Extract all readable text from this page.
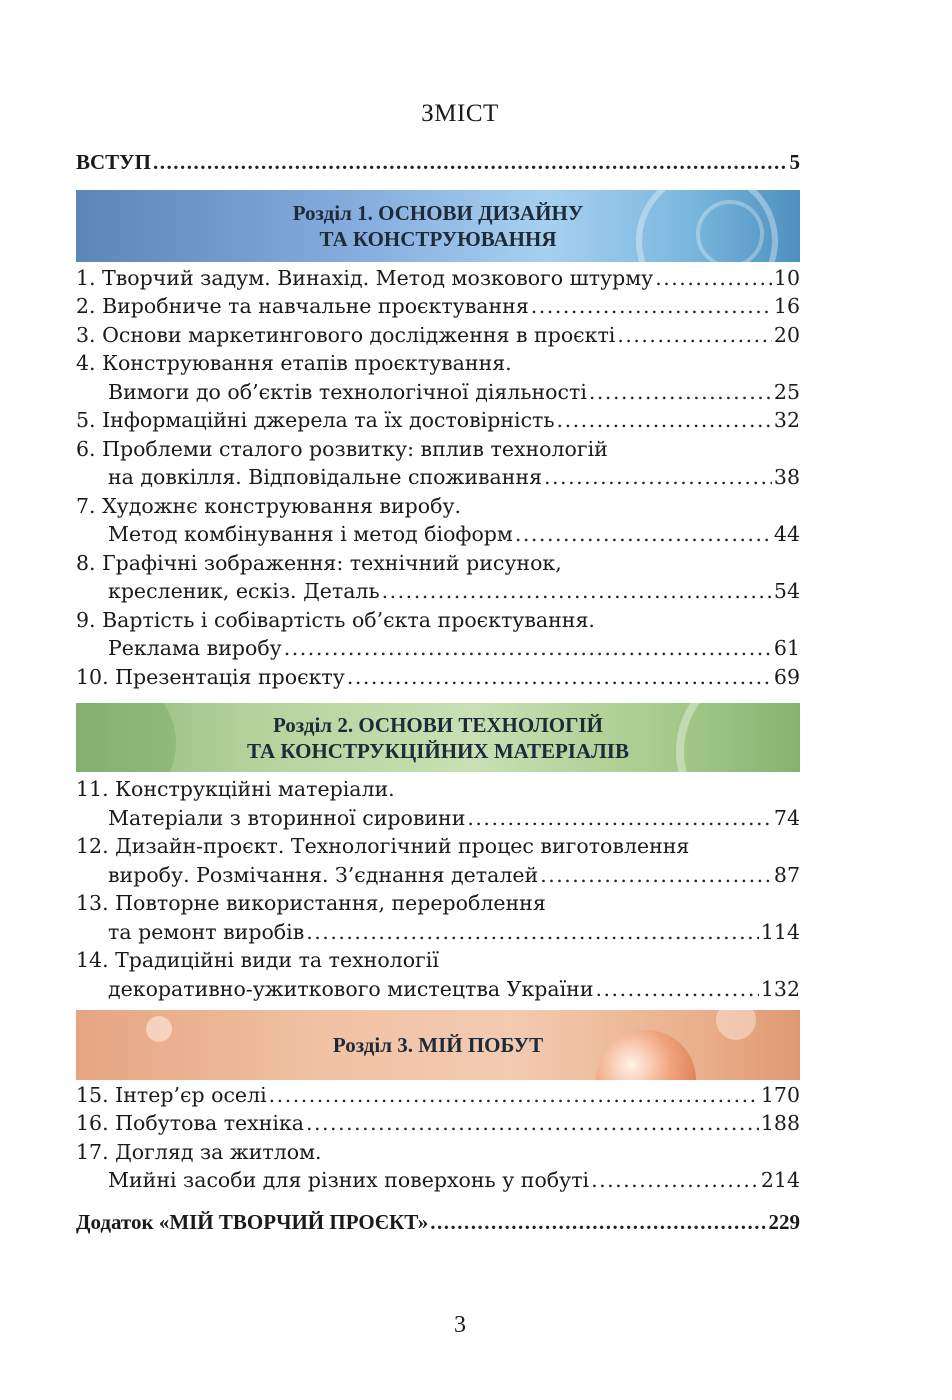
ЗМІСТ
ВСТУП .....	5
Розділ 1. ОСНОВИ ДИЗАЙНУ
ТА КОНСТРУЮВАННЯ
1. Творчий задум. Винахід. Метод мозкового штурму .....	10
2. Виробниче та навчальне проєктування .....	16
3. Основи маркетингового дослідження в проєкті .....	20
4. Конструювання етапів проєктування.
Вимоги до об’єктів технологічної діяльності .....	25
5. Інформаційні джерела та їх достовірність .....	32
6. Проблеми сталого розвитку: вплив технологій
на довкілля. Відповідальне споживання .....	38
7. Художнє конструювання виробу.
Метод комбінування і метод біоформ .....	44
8. Графічні зображення: технічний рисунок,
кресленик, ескіз. Деталь .....	54
9. Вартість і собівартість об’єкта проєктування.
Реклама виробу .....	61
10. Презентація проєкту .....	69
Розділ 2. ОСНОВИ ТЕХНОЛОГІЙ
ТА КОНСТРУКЦІЙНИХ МАТЕРІАЛІВ
11. Конструкційні матеріали.
Матеріали з вторинної сировини .....	74
12. Дизайн-проєкт. Технологічний процес виготовлення
виробу. Розмічання. З’єднання деталей .....	87
13. Повторне використання, перероблення
та ремонт виробів .....	114
14. Традиційні види та технології
декоративно-ужиткового мистецтва України .....	132
Розділ 3. МІЙ ПОБУТ
15. Інтер’єр оселі .....	170
16. Побутова техніка .....	188
17. Догляд за житлом.
Мийні засоби для різних поверхонь у побуті .....	214
Додаток «МІЙ ТВОРЧИЙ ПРОЄКТ» .....	229
3
